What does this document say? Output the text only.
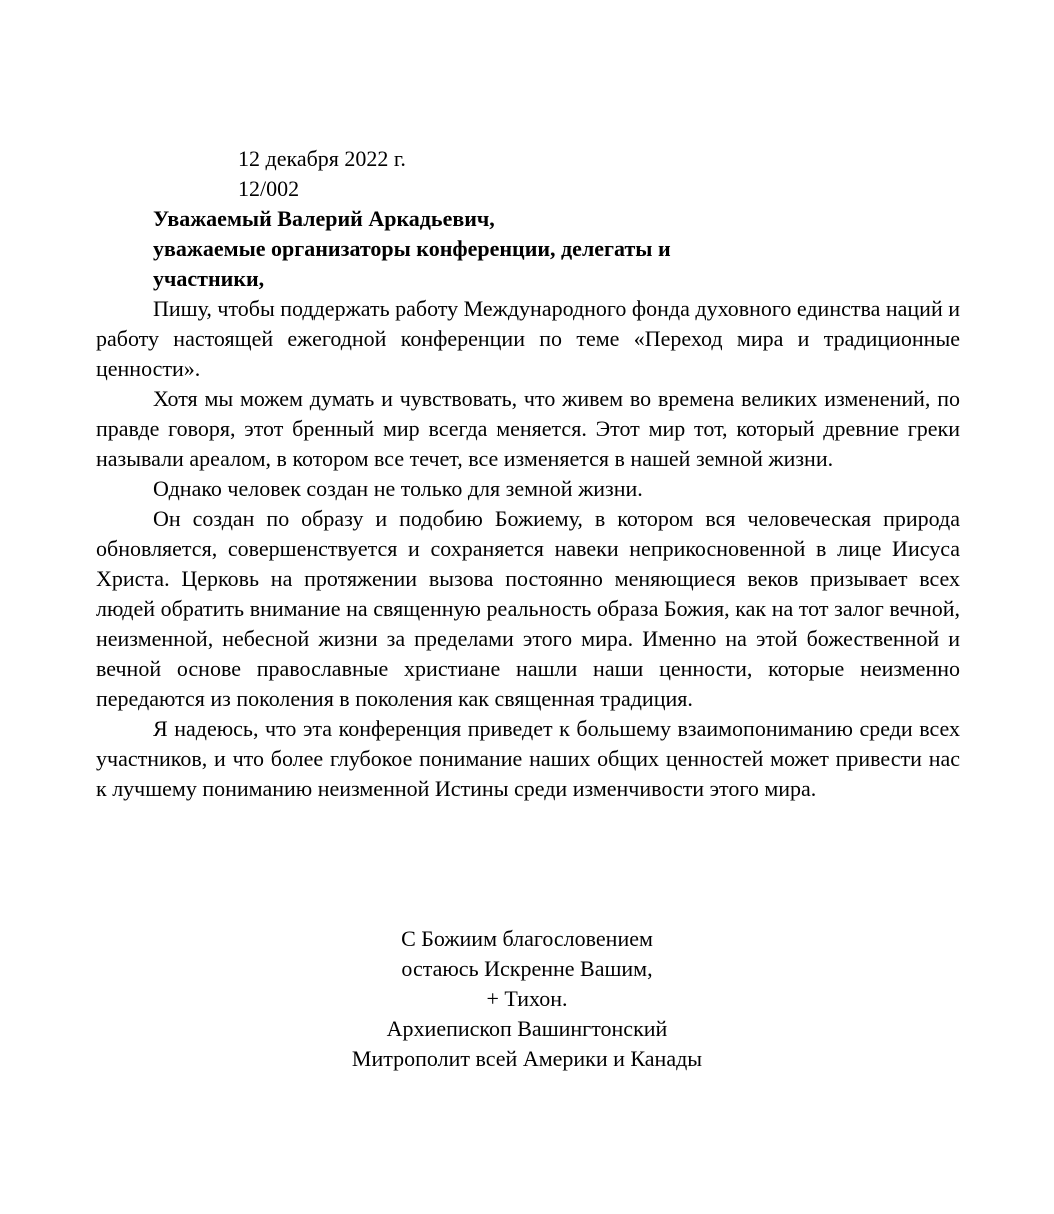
12 декабря 2022 г.
12/002
Уважаемый Валерий Аркадьевич,
уважаемые организаторы конференции, делегаты и
участники,

Пишу, чтобы поддержать работу Международного фонда духовного единства наций и работу настоящей ежегодной конференции по теме «Переход мира и традиционные ценности».

Хотя мы можем думать и чувствовать, что живем во времена великих изменений, по правде говоря, этот бренный мир всегда меняется. Этот мир тот, который древние греки называли ареалом, в котором все течет, все изменяется в нашей земной жизни.

Однако человек создан не только для земной жизни.

Он создан по образу и подобию Божиему, в котором вся человеческая природа обновляется, совершенствуется и сохраняется навеки неприкосновенной в лице Иисуса Христа. Церковь на протяжении вызова постоянно меняющиеся веков призывает всех людей обратить внимание на священную реальность образа Божия, как на тот залог вечной, неизменной, небесной жизни за пределами этого мира. Именно на этой божественной и вечной основе православные христиане нашли наши ценности, которые неизменно передаются из поколения в поколения как священная традиция.

Я надеюсь, что эта конференция приведет к большему взаимопониманию среди всех участников, и что более глубокое понимание наших общих ценностей может привести нас к лучшему пониманию неизменной Истины среди изменчивости этого мира.

С Божиим благословением
остаюсь Искренне Вашим,
+ Тихон.
Архиепископ Вашингтонский
Митрополит всей Америки и Канады
